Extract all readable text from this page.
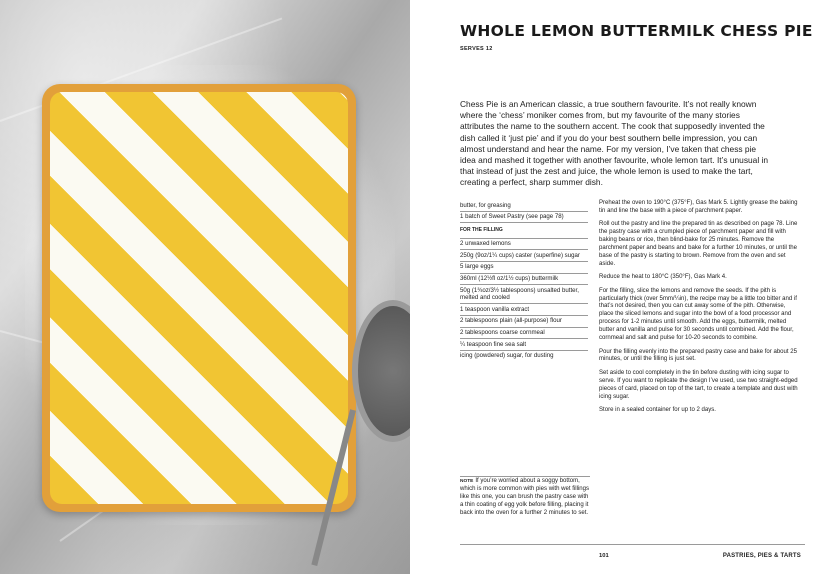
WHOLE LEMON BUTTERMILK CHESS PIE
SERVES 12

Chess Pie is an American classic, a true southern favourite. It’s not really known where the ‘chess’ moniker comes from, but my favourite of the many stories attributes the name to the southern accent. The cook that supposedly invented the dish called it ‘just pie’ and if you do your best southern belle impression, you can almost understand and hear the name. For my version, I’ve taken that chess pie idea and mashed it together with another favourite, whole lemon tart. It’s unusual in that instead of just the zest and juice, the whole lemon is used to make the tart, creating a perfect, sharp summer dish.

butter, for greasing
1 batch of Sweet Pastry (see page 78)
FOR THE FILLING
2 unwaxed lemons
250g (9oz/1¼ cups) caster (superfine) sugar
5 large eggs
360ml (12½fl oz/1½ cups) buttermilk
50g (1¾oz/3½ tablespoons) unsalted butter, melted and cooled
1 teaspoon vanilla extract
2 tablespoons plain (all-purpose) flour
2 tablespoons coarse cornmeal
¼ teaspoon fine sea salt
icing (powdered) sugar, for dusting

Preheat the oven to 190°C (375°F), Gas Mark 5. Lightly grease the baking tin and line the base with a piece of parchment paper.

Roll out the pastry and line the prepared tin as described on page 78. Line the pastry case with a crumpled piece of parchment paper and fill with baking beans or rice, then blind-bake for 25 minutes. Remove the parchment paper and beans and bake for a further 10 minutes, or until the base of the pastry is starting to brown. Remove from the oven and set aside.

Reduce the heat to 180°C (350°F), Gas Mark 4.

For the filling, slice the lemons and remove the seeds. If the pith is particularly thick (over 5mm/¼in), the recipe may be a little too bitter and if that’s not desired, then you can cut away some of the pith. Otherwise, place the sliced lemons and sugar into the bowl of a food processor and process for 1-2 minutes until smooth. Add the eggs, buttermilk, melted butter and vanilla and pulse for 30 seconds until combined. Add the flour, cornmeal and salt and pulse for 10-20 seconds to combine.

Pour the filling evenly into the prepared pastry case and bake for about 25 minutes, or until the filling is just set.

Set aside to cool completely in the tin before dusting with icing sugar to serve. If you want to replicate the design I’ve used, use two straight-edged pieces of card, placed on top of the tart, to create a template and dust with icing sugar.

Store in a sealed container for up to 2 days.

NOTE If you’re worried about a soggy bottom, which is more common with pies with wet fillings like this one, you can brush the pastry case with a thin coating of egg yolk before filling, placing it back into the oven for a further 2 minutes to set.
101	PASTRIES, PIES & TARTS
